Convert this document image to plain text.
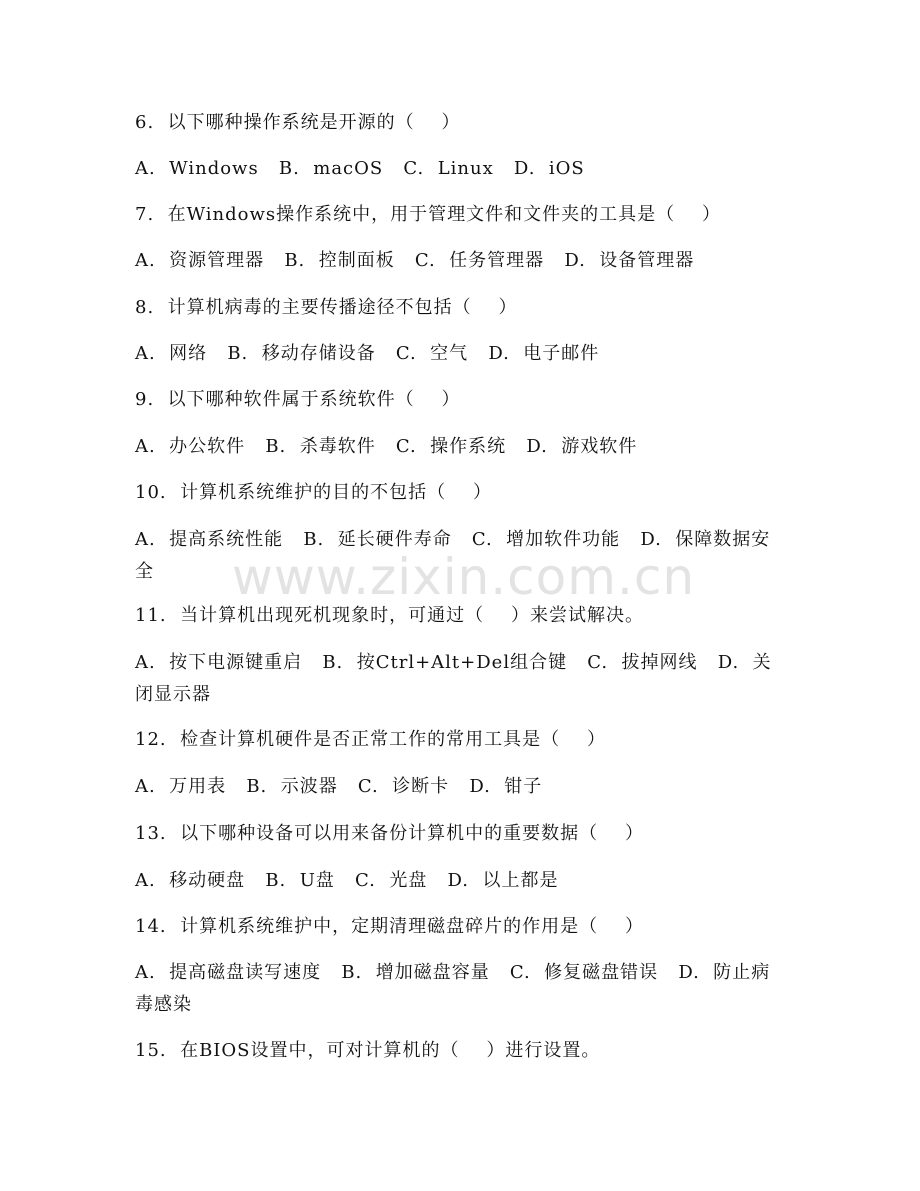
6.  以下哪种操作系统是开源的（    ）
A.  Windows   B.  macOS   C.  Linux   D.  iOS
7.  在Windows操作系统中，用于管理文件和文件夹的工具是（    ）
A.  资源管理器   B.  控制面板   C.  任务管理器   D.  设备管理器
8.  计算机病毒的主要传播途径不包括（    ）
A.  网络   B.  移动存储设备   C.  空气   D.  电子邮件
9.  以下哪种软件属于系统软件（    ）
A.  办公软件   B.  杀毒软件   C.  操作系统   D.  游戏软件
10.  计算机系统维护的目的不包括（    ）
A.  提高系统性能   B.  延长硬件寿命   C.  增加软件功能   D.  保障数据安全
11.  当计算机出现死机现象时，可通过（    ）来尝试解决。
A.  按下电源键重启   B.  按Ctrl+Alt+Del组合键   C.  拔掉网线   D.  关闭显示器
12.  检查计算机硬件是否正常工作的常用工具是（    ）
A.  万用表   B.  示波器   C.  诊断卡   D.  钳子
13.  以下哪种设备可以用来备份计算机中的重要数据（    ）
A.  移动硬盘   B.  U盘   C.  光盘   D.  以上都是
14.  计算机系统维护中，定期清理磁盘碎片的作用是（    ）
A.  提高磁盘读写速度   B.  增加磁盘容量   C.  修复磁盘错误   D.  防止病毒感染
15.  在BIOS设置中，可对计算机的（    ）进行设置。
www.zixin.com.cn
